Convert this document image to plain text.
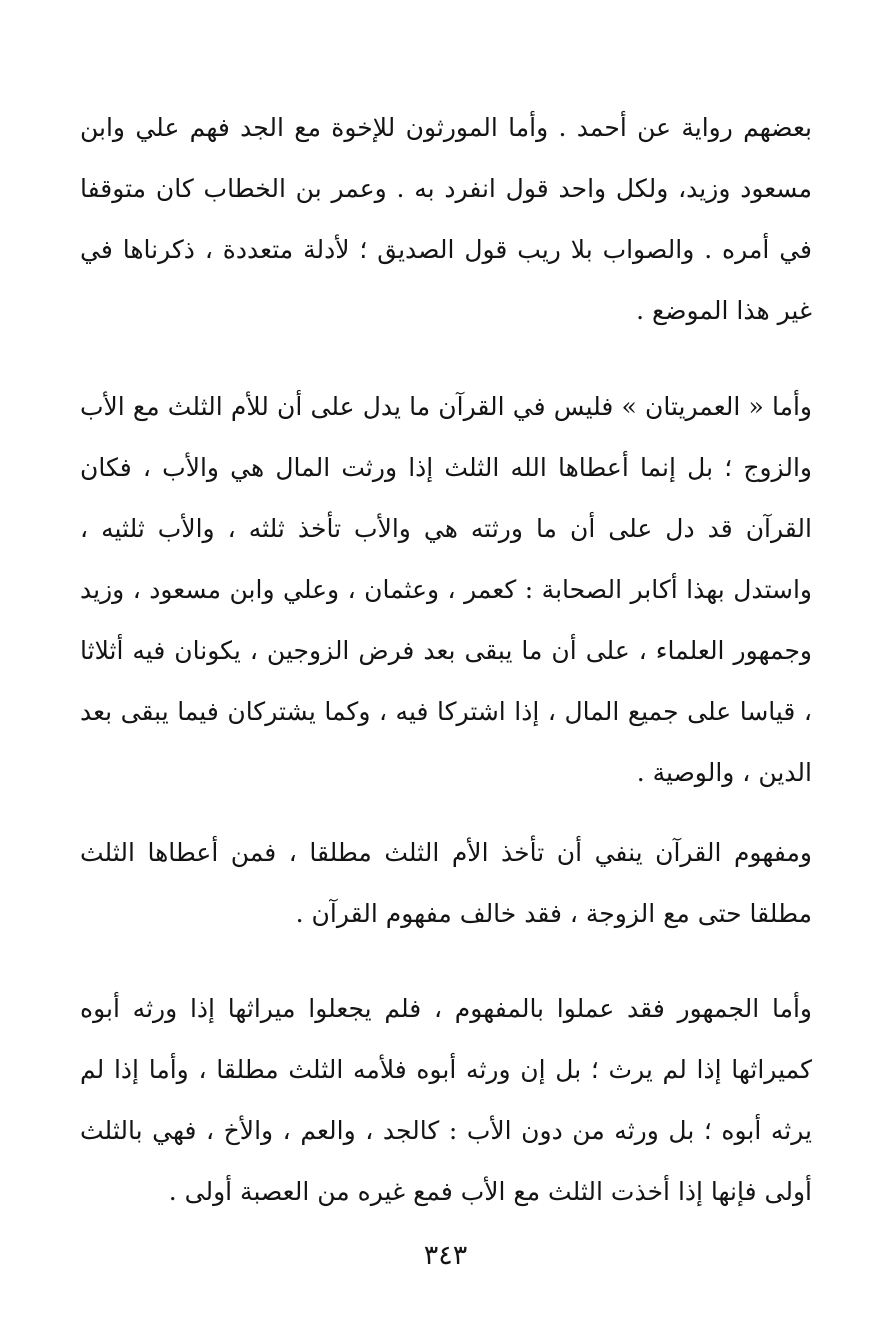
بعضهم رواية عن أحمد . وأما المورثون للإخوة مع الجد فهم علي وابن مسعود وزيد، ولكل واحد قول انفرد به . وعمر بن الخطاب كان متوقفا في أمره . والصواب بلا ريب قول الصديق ؛ لأدلة متعددة ، ذكرناها في غير هذا الموضع .

وأما « العمريتان » فليس في القرآن ما يدل على أن للأم الثلث مع الأب والزوج ؛ بل إنما أعطاها الله الثلث إذا ورثت المال هي والأب ، فكان القرآن قد دل على أن ما ورثته هي والأب تأخذ ثلثه ، والأب ثلثيه ، واستدل بهذا أكابر الصحابة : كعمر ، وعثمان ، وعلي وابن مسعود ، وزيد وجمهور العلماء ، على أن ما يبقى بعد فرض الزوجين ، يكونان فيه أثلاثا ، قياسا على جميع المال ، إذا اشتركا فيه ، وكما يشتركان فيما يبقى بعد الدين ، والوصية .

ومفهوم القرآن ينفي أن تأخذ الأم الثلث مطلقا ، فمن أعطاها الثلث مطلقا حتى مع الزوجة ، فقد خالف مفهوم القرآن .

وأما الجمهور فقد عملوا بالمفهوم ، فلم يجعلوا ميراثها إذا ورثه أبوه كميراثها إذا لم يرث ؛ بل إن ورثه أبوه فلأمه الثلث مطلقا ، وأما إذا لم يرثه أبوه ؛ بل ورثه من دون الأب : كالجد ، والعم ، والأخ ، فهي بالثلث أولى فإنها إذا أخذت الثلث مع الأب فمع غيره من العصبة أولى .

٣٤٣
